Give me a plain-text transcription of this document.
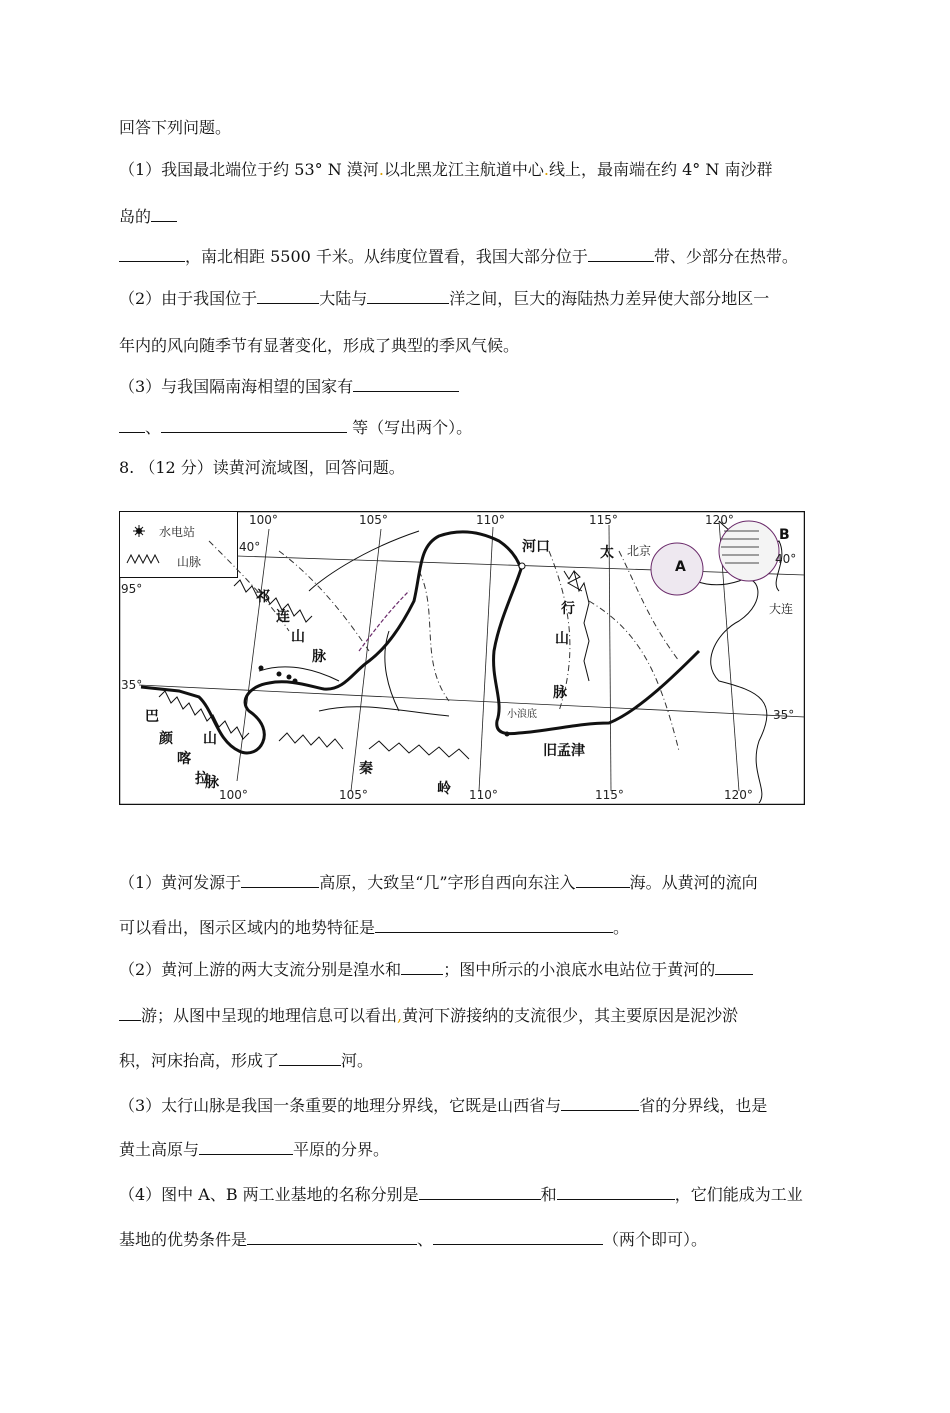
回答下列问题。
（1）我国最北端位于约 53° N 漠河.以北黑龙江主航道中心.线上，最南端在约 4° N 南沙群
岛的
，南北相距 5500 千米。从纬度位置看，我国大部分位于	带、少部分在热带。
（2）由于我国位于	大陆与	洋之间，巨大的海陆热力差异使大部分地区一
年内的风向随季节有显著变化，形成了典型的季风气候。
（3）与我国隔南海相望的国家有
、	等（写出两个）。
8. （12 分）读黄河流域图，回答问题。
水电站
山脉	A
B
河口	北京
大连
小浪底
旧孟津
祁
连
山
脉
太
行
山
脉
巴
颜
喀
拉
山
脉
秦
岭
100°	105°	110°	115°	120°
100°	105°	110°	115°	120°
40°
35°
95°
40°
35°
（1）黄河发源于	高原，大致呈“几”字形自西向东注入	海。从黄河的流向
可以看出，图示区域内的地势特征是	。
（2）黄河上游的两大支流分别是湟水和	；图中所示的小浪底水电站位于黄河的
游；从图中呈现的地理信息可以看出,黄河下游接纳的支流很少，其主要原因是泥沙淤
积，河床抬高，形成了	河。
（3）太行山脉是我国一条重要的地理分界线，它既是山西省与	省的分界线，也是
黄土高原与	平原的分界。
（4）图中 A、B 两工业基地的名称分别是	和	，它们能成为工业
基地的优势条件是	、	（两个即可）。
